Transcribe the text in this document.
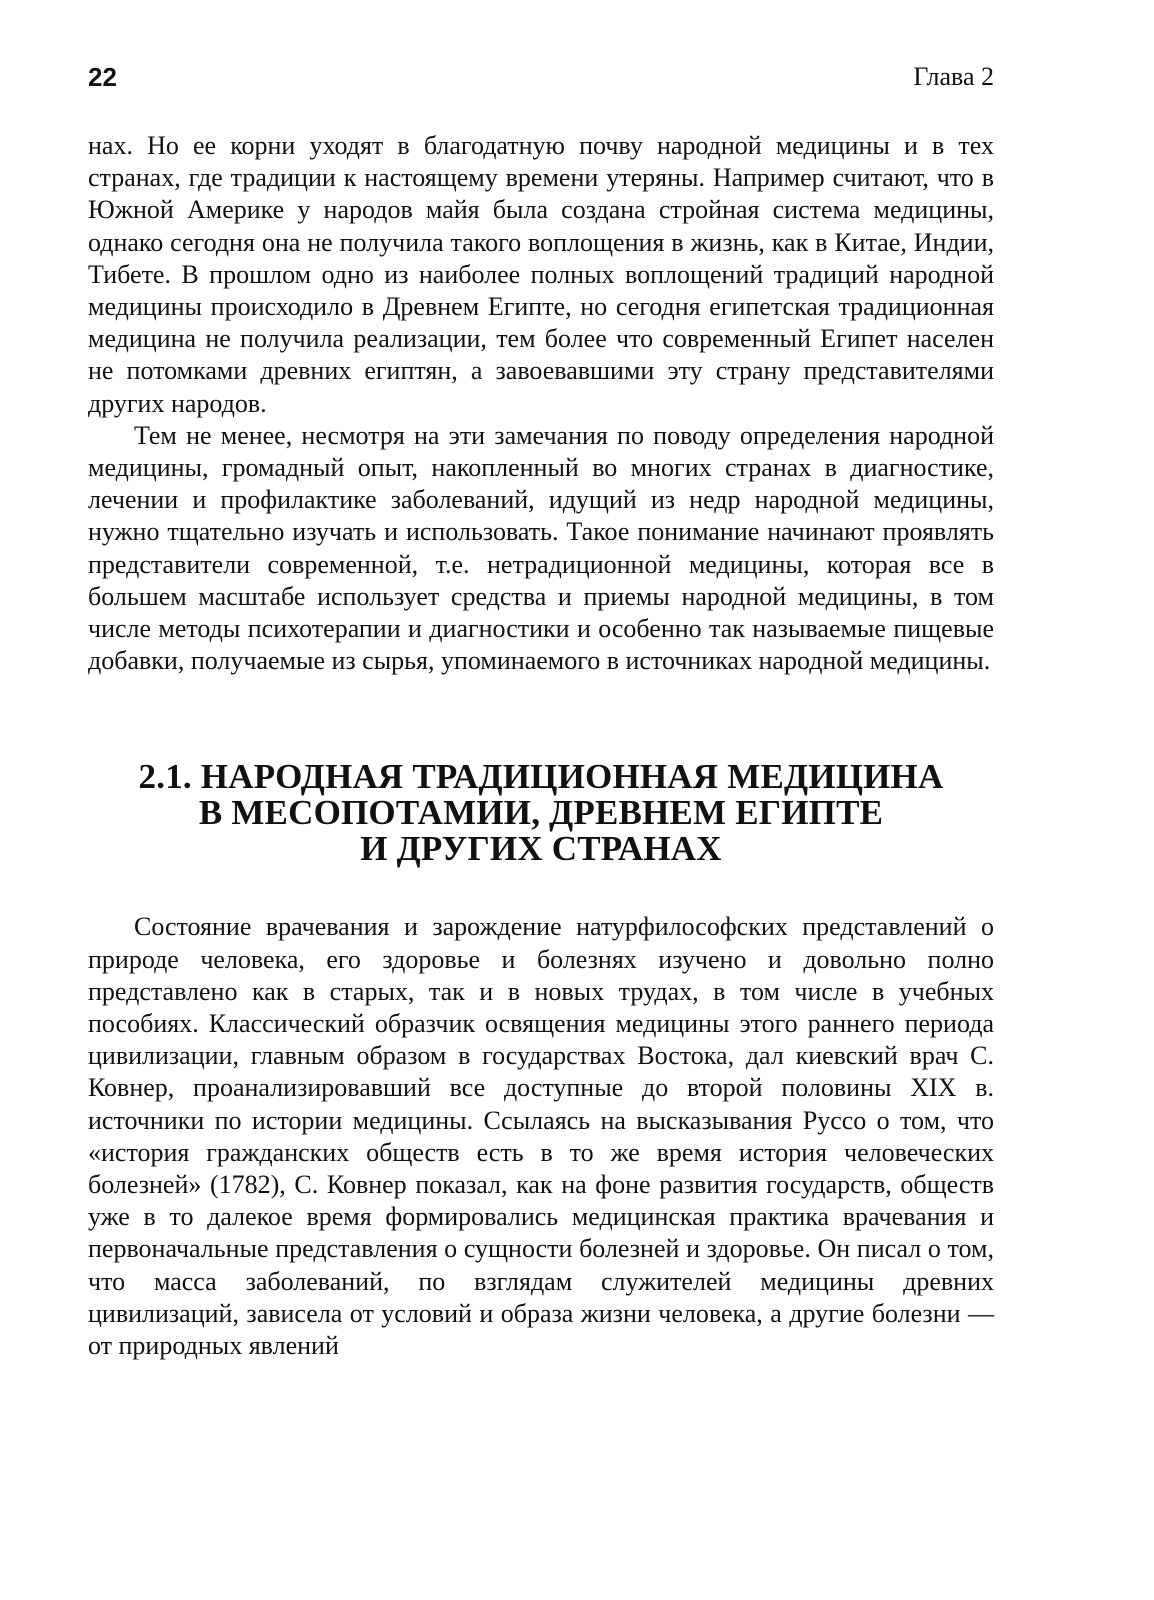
22	Глава 2

нах. Но ее корни уходят в благодатную почву народной медицины и в тех странах, где традиции к настоящему времени утеряны. Например считают, что в Южной Америке у народов майя была создана стройная система медицины, однако сегодня она не получила такого воплощения в жизнь, как в Китае, Индии, Тибете. В прошлом одно из наиболее полных воплощений традиций народной медицины происходило в Древнем Египте, но сегодня египетская традиционная медицина не получила реализации, тем более что современный Египет населен не потомками древних египтян, а завоевавшими эту страну представителями других народов.

Тем не менее, несмотря на эти замечания по поводу определения народной медицины, громадный опыт, накопленный во многих странах в диагностике, лечении и профилактике заболеваний, идущий из недр народной медицины, нужно тщательно изучать и использовать. Такое понимание начинают проявлять представители современной, т.е. нетрадиционной медицины, которая все в большем масштабе использует средства и приемы народной медицины, в том числе методы психотерапии и диагностики и особенно так называемые пищевые добавки, получаемые из сырья, упоминаемого в источниках народной медицины.

2.1. НАРОДНАЯ ТРАДИЦИОННАЯ МЕДИЦИНА
В МЕСОПОТАМИИ, ДРЕВНЕМ ЕГИПТЕ
И ДРУГИХ СТРАНАХ

Состояние врачевания и зарождение натурфилософских представлений о природе человека, его здоровье и болезнях изучено и довольно полно представлено как в старых, так и в новых трудах, в том числе в учебных пособиях. Классический образчик освящения медицины этого раннего периода цивилизации, главным образом в государствах Востока, дал киевский врач С. Ковнер, проанализировавший все доступные до второй половины XIX в. источники по истории медицины. Ссылаясь на высказывания Руссо о том, что «история гражданских обществ есть в то же время история человеческих болезней» (1782), С. Ковнер показал, как на фоне развития государств, обществ уже в то далекое время формировались медицинская практика врачевания и первоначальные представления о сущности болезней и здоровье. Он писал о том, что масса заболеваний, по взглядам служителей медицины древних цивилизаций, зависела от условий и образа жизни человека, а другие болезни — от природных явлений
